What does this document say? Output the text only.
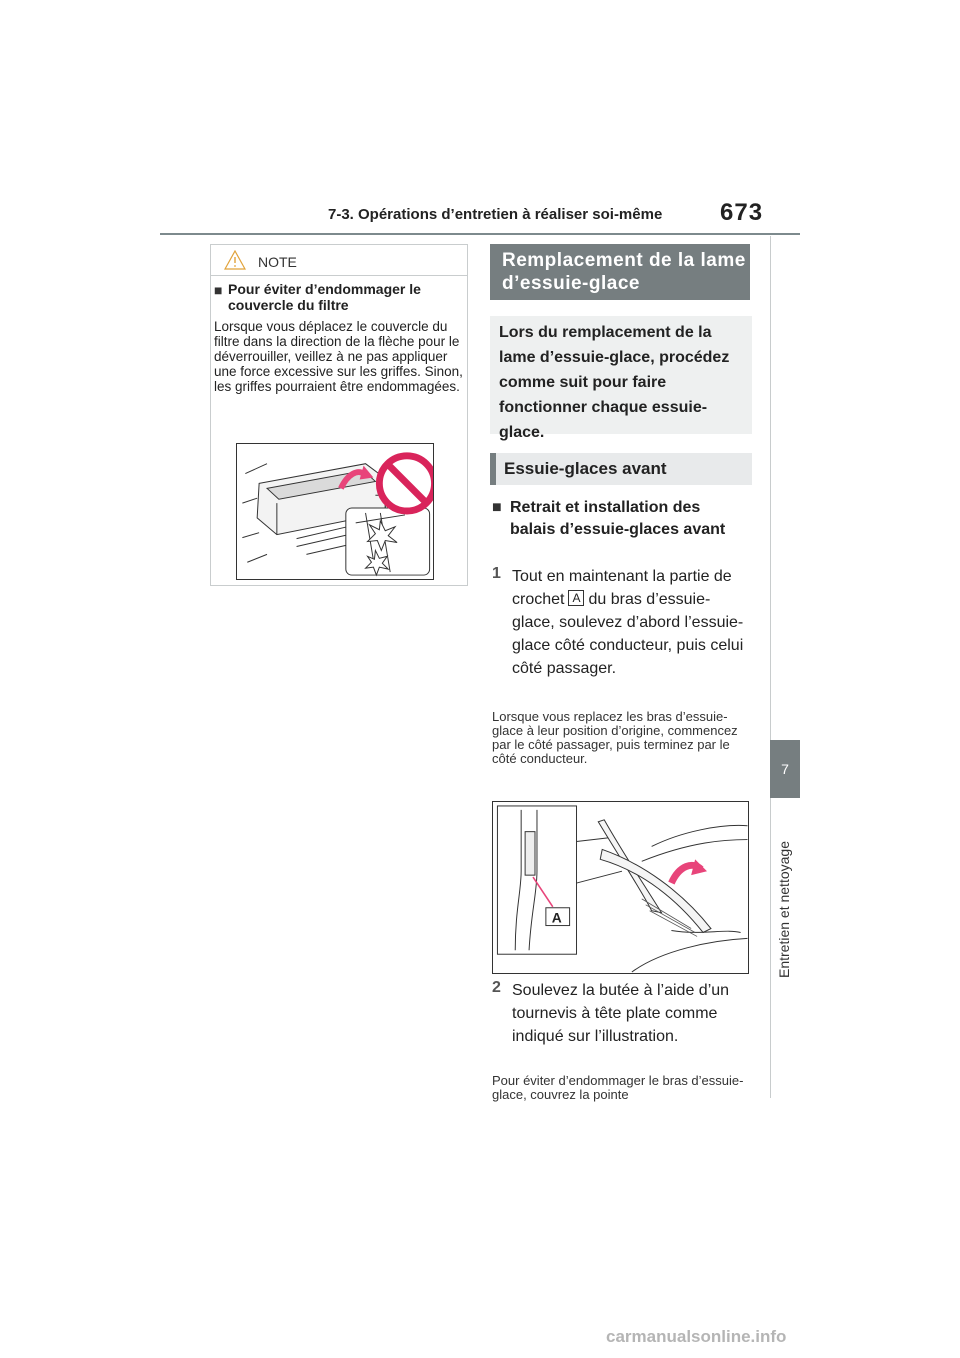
7-3. Opérations d’entretien à réaliser soi-même 673
7
Entretien et nettoyage
NOTE
■ Pour éviter d’endommager le couvercle du filtre
Lorsque vous déplacez le couvercle du filtre dans la direction de la flèche pour le déverrouiller, veillez à ne pas appliquer une force excessive sur les griffes. Sinon, les griffes pourraient être endommagées.
Remplacement de la lame d’essuie-glace
Lors du remplacement de la lame d’essuie-glace, procédez comme suit pour faire fonctionner chaque essuie-glace.
Essuie-glaces avant
■ Retrait et installation des balais d’essuie-glaces avant
1 Tout en maintenant la partie de crochet A du bras d’essuie-glace, soulevez d’abord l’essuie-glace côté conducteur, puis celui côté passager.
Lorsque vous replacez les bras d’essuie-glace à leur position d’origine, commencez par le côté passager, puis terminez par le côté conducteur.
A
2 Soulevez la butée à l’aide d’un tournevis à tête plate comme indiqué sur l’illustration.
Pour éviter d’endommager le bras d’essuie-glace, couvrez la pointe
carmanualsonline.info
